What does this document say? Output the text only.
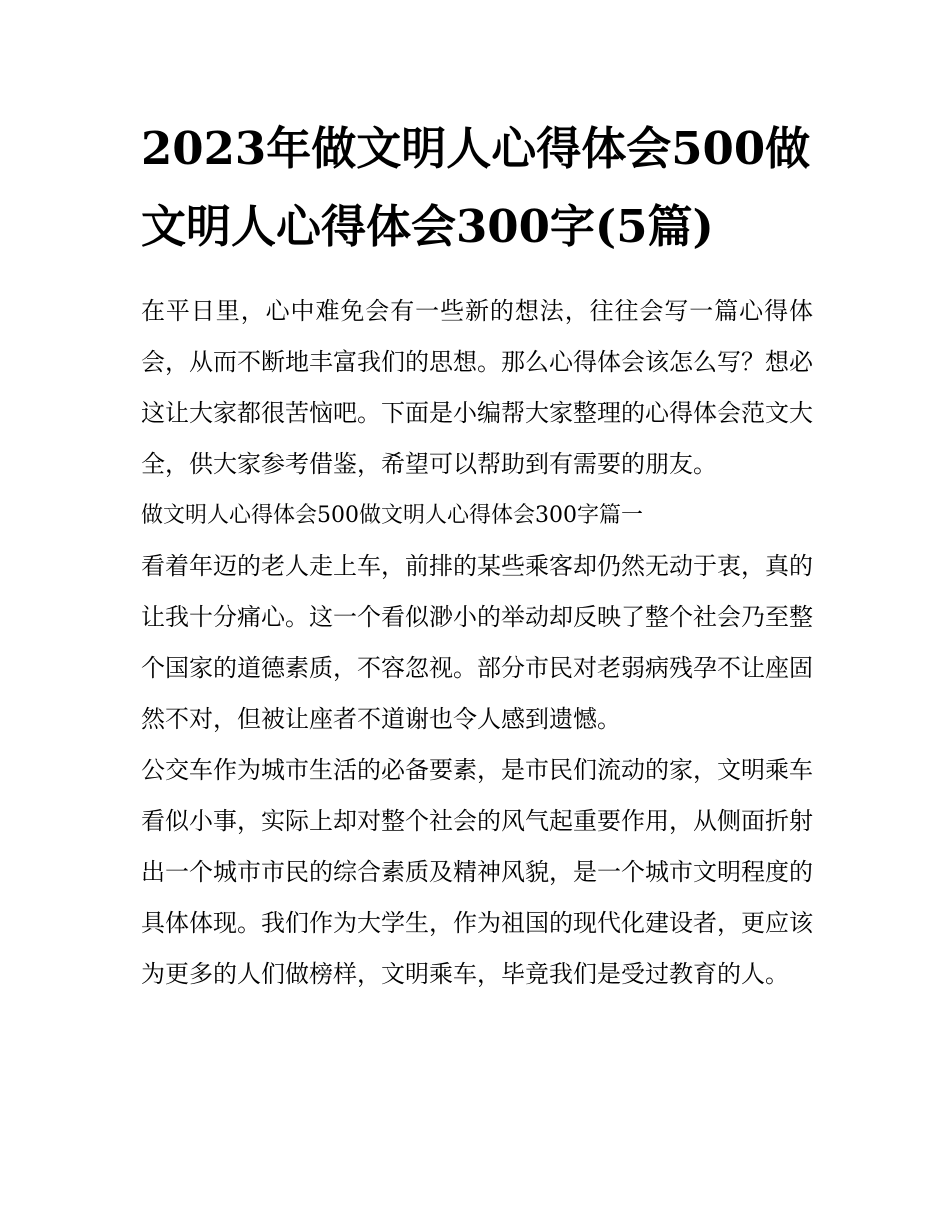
2023年做文明人心得体会500做文明人心得体会300字(5篇)

在平日里，心中难免会有一些新的想法，往往会写一篇心得体会，从而不断地丰富我们的思想。那么心得体会该怎么写？想必这让大家都很苦恼吧。下面是小编帮大家整理的心得体会范文大全，供大家参考借鉴，希望可以帮助到有需要的朋友。

做文明人心得体会500做文明人心得体会300字篇一

看着年迈的老人走上车，前排的某些乘客却仍然无动于衷，真的让我十分痛心。这一个看似渺小的举动却反映了整个社会乃至整个国家的道德素质，不容忽视。部分市民对老弱病残孕不让座固然不对，但被让座者不道谢也令人感到遗憾。

公交车作为城市生活的必备要素，是市民们流动的家，文明乘车看似小事，实际上却对整个社会的风气起重要作用，从侧面折射出一个城市市民的综合素质及精神风貌，是一个城市文明程度的具体体现。我们作为大学生，作为祖国的现代化建设者，更应该为更多的人们做榜样，文明乘车，毕竟我们是受过教育的人。
